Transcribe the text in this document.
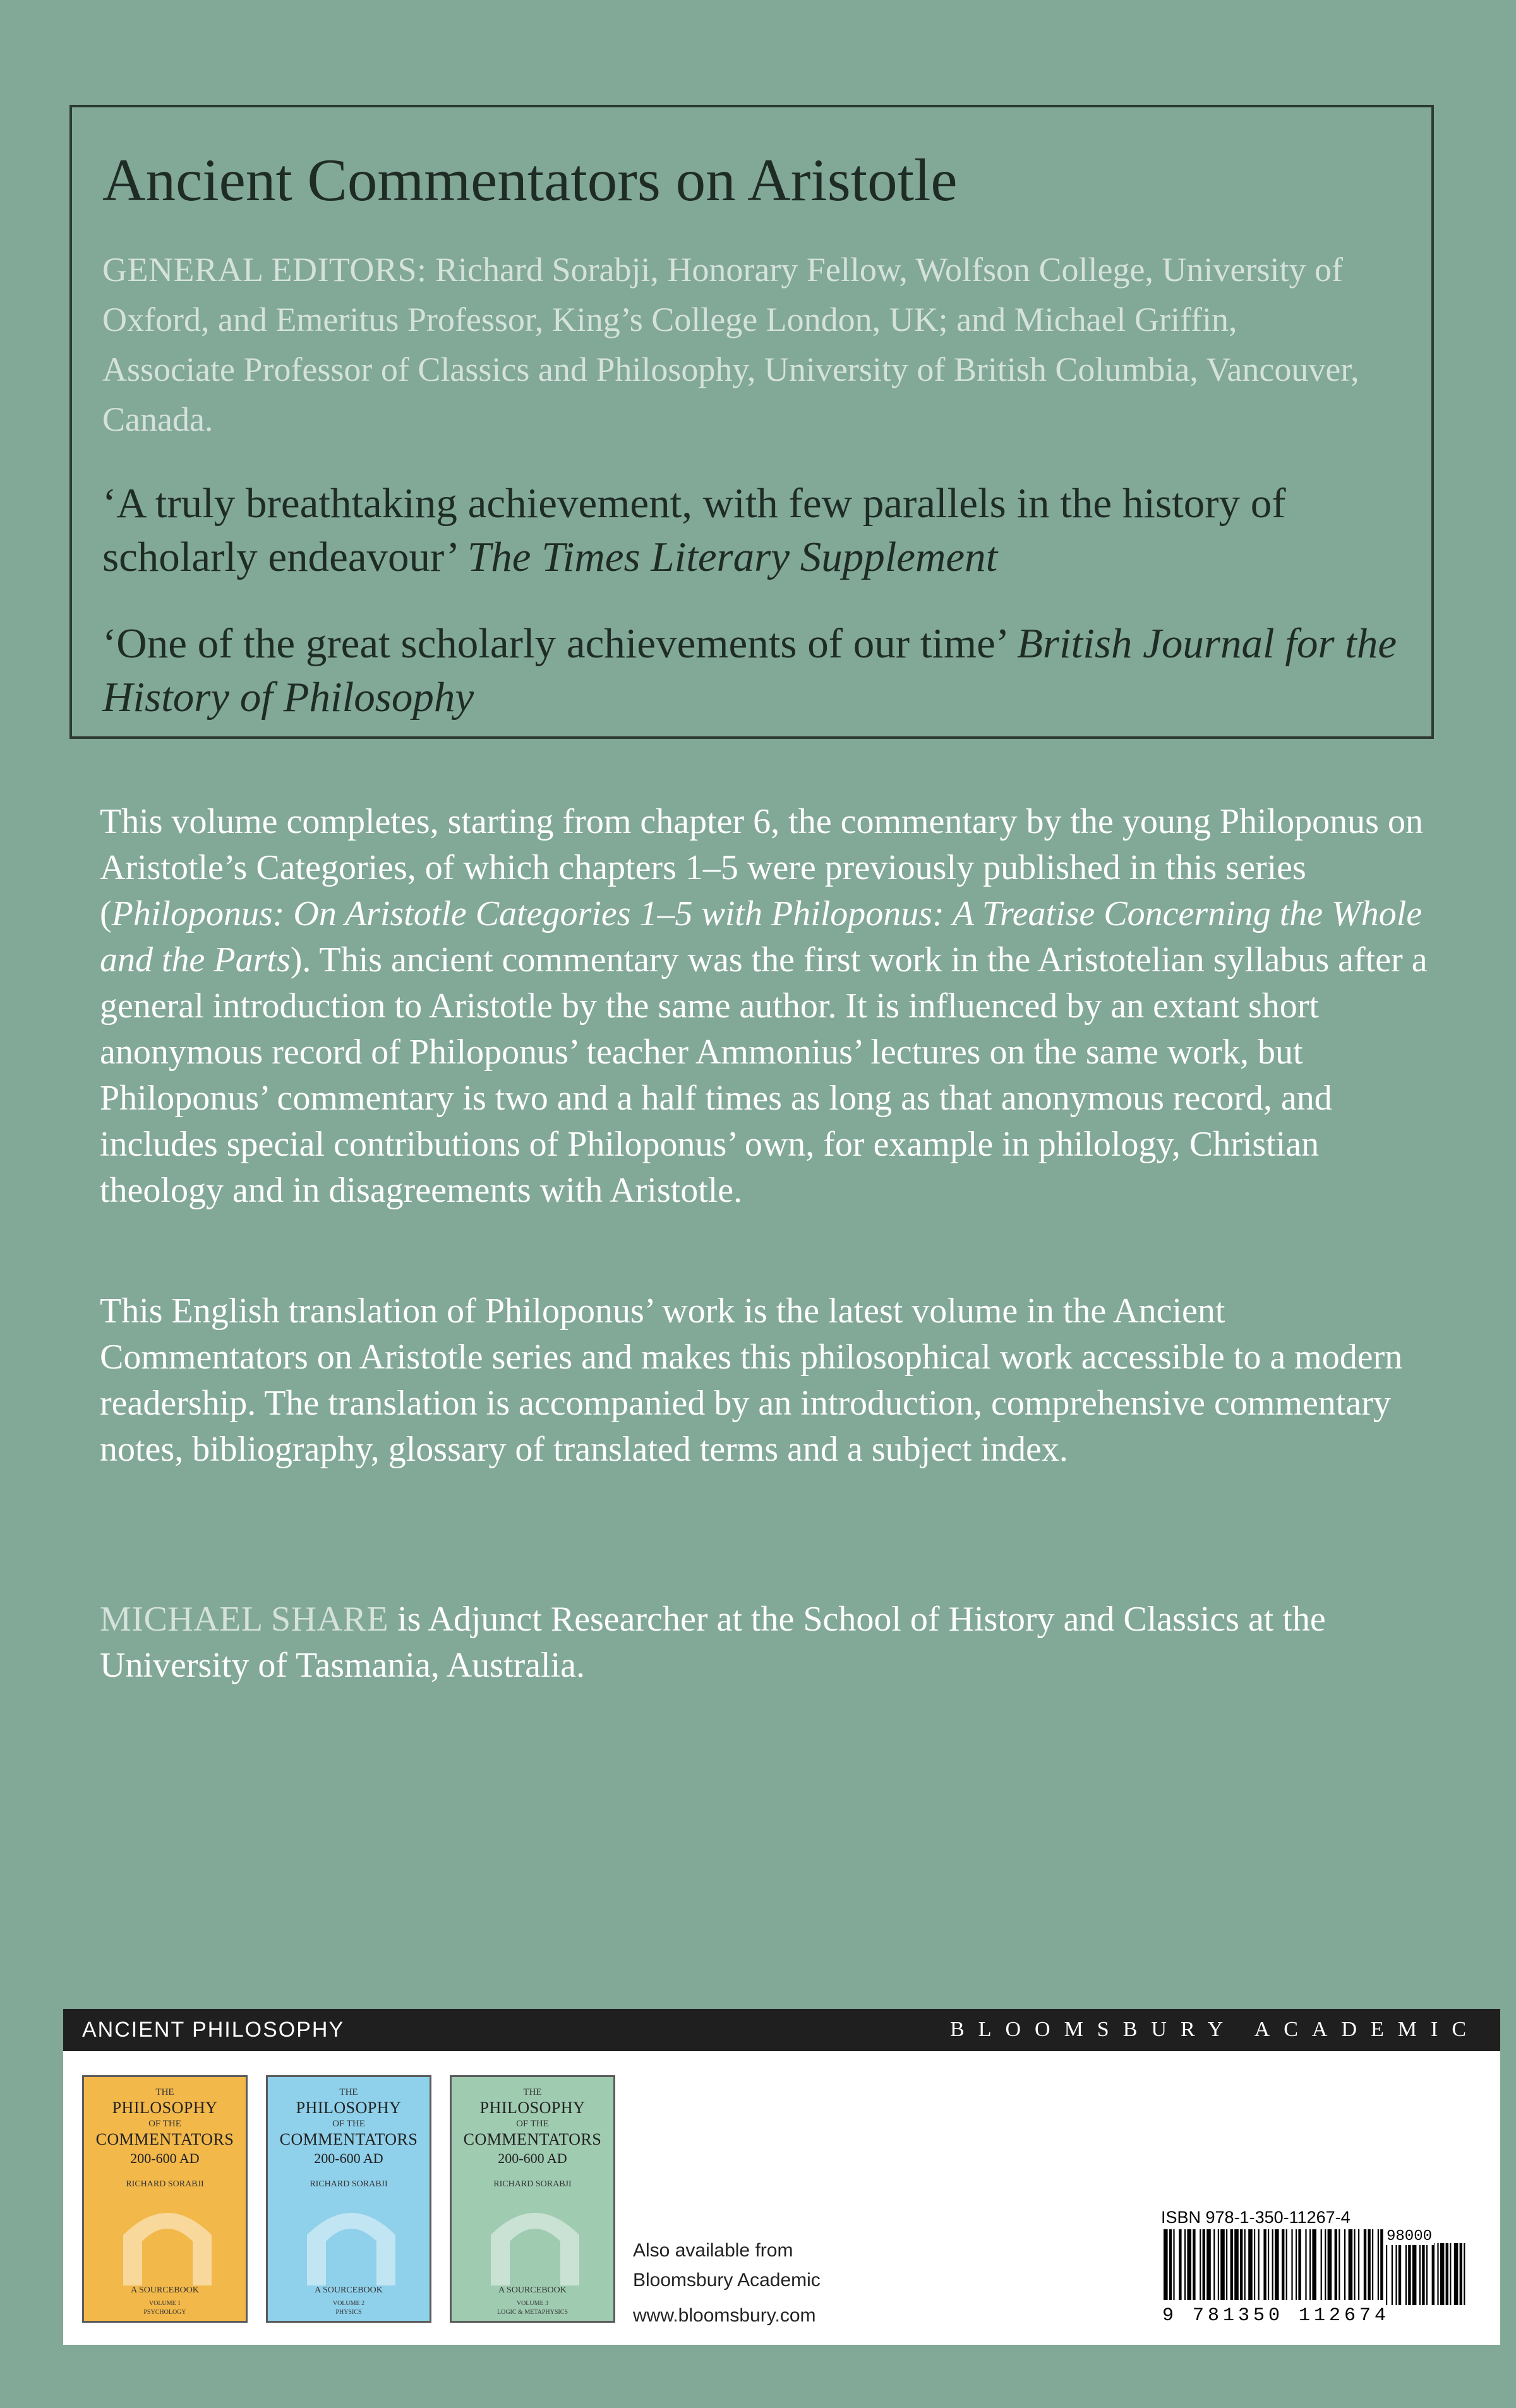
Ancient Commentators on Aristotle
GENERAL EDITORS: Richard Sorabji, Honorary Fellow, Wolfson College, University of Oxford, and Emeritus Professor, King’s College London, UK; and Michael Griffin, Associate Professor of Classics and Philosophy, University of British Columbia, Vancouver, Canada.
‘A truly breathtaking achievement, with few parallels in the history of scholarly endeavour’ The Times Literary Supplement
‘One of the great scholarly achievements of our time’ British Journal for the History of Philosophy
This volume completes, starting from chapter 6, the commentary by the young Philoponus on Aristotle’s Categories, of which chapters 1–5 were previously published in this series (Philoponus: On Aristotle Categories 1–5 with Philoponus: A Treatise Concerning the Whole and the Parts). This ancient commentary was the first work in the Aristotelian syllabus after a general introduction to Aristotle by the same author. It is influenced by an extant short anonymous record of Philoponus’ teacher Ammonius’ lectures on the same work, but Philoponus’ commentary is two and a half times as long as that anonymous record, and includes special contributions of Philoponus’ own, for example in philology, Christian theology and in disagreements with Aristotle.
This English translation of Philoponus’ work is the latest volume in the Ancient Commentators on Aristotle series and makes this philosophical work accessible to a modern readership. The translation is accompanied by an introduction, comprehensive commentary notes, bibliography, glossary of translated terms and a subject index.
MICHAEL SHARE is Adjunct Researcher at the School of History and Classics at the University of Tasmania, Australia.
ANCIENT PHILOSOPHY	BLOOMSBURY ACADEMIC
THE
PHILOSOPHY
OF THE
COMMENTATORS
200-600 AD
RICHARD SORABJI
A SOURCEBOOK
VOLUME 1
PSYCHOLOGY
THE
PHILOSOPHY
OF THE
COMMENTATORS
200-600 AD
RICHARD SORABJI
A SOURCEBOOK
VOLUME 2
PHYSICS
THE
PHILOSOPHY
OF THE
COMMENTATORS
200-600 AD
RICHARD SORABJI
A SOURCEBOOK
VOLUME 3
LOGIC & METAPHYSICS
Also available from
Bloomsbury Academic
www.bloomsbury.com
ISBN 978-1-350-11267-4
98000
9 781350 112674
